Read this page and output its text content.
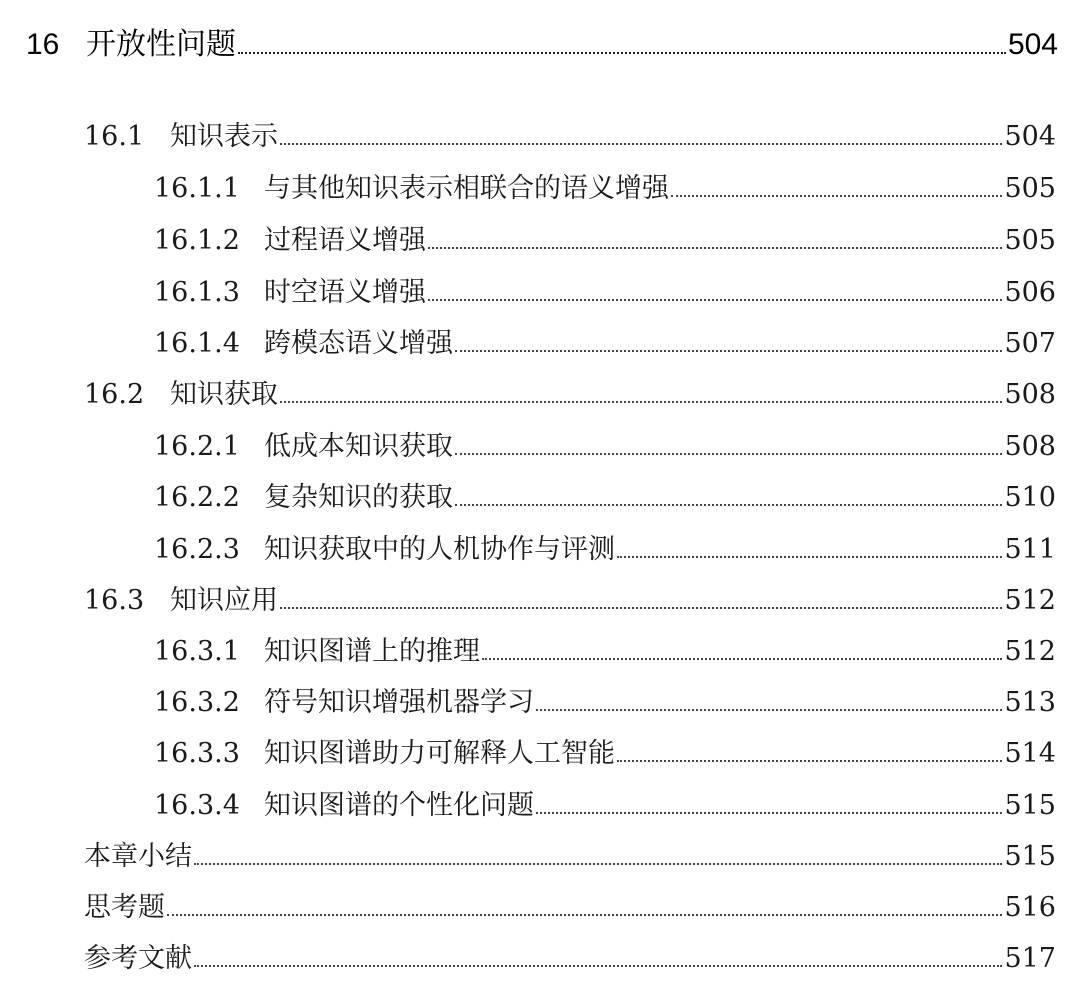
16 开放性问题	504
16.1 知识表示	504
16.1.1 与其他知识表示相联合的语义增强	505
16.1.2 过程语义增强	505
16.1.3 时空语义增强	506
16.1.4 跨模态语义增强	507
16.2 知识获取	508
16.2.1 低成本知识获取	508
16.2.2 复杂知识的获取	510
16.2.3 知识获取中的人机协作与评测	511
16.3 知识应用	512
16.3.1 知识图谱上的推理	512
16.3.2 符号知识增强机器学习	513
16.3.3 知识图谱助力可解释人工智能	514
16.3.4 知识图谱的个性化问题	515
本章小结	515
思考题	516
参考文献	517
